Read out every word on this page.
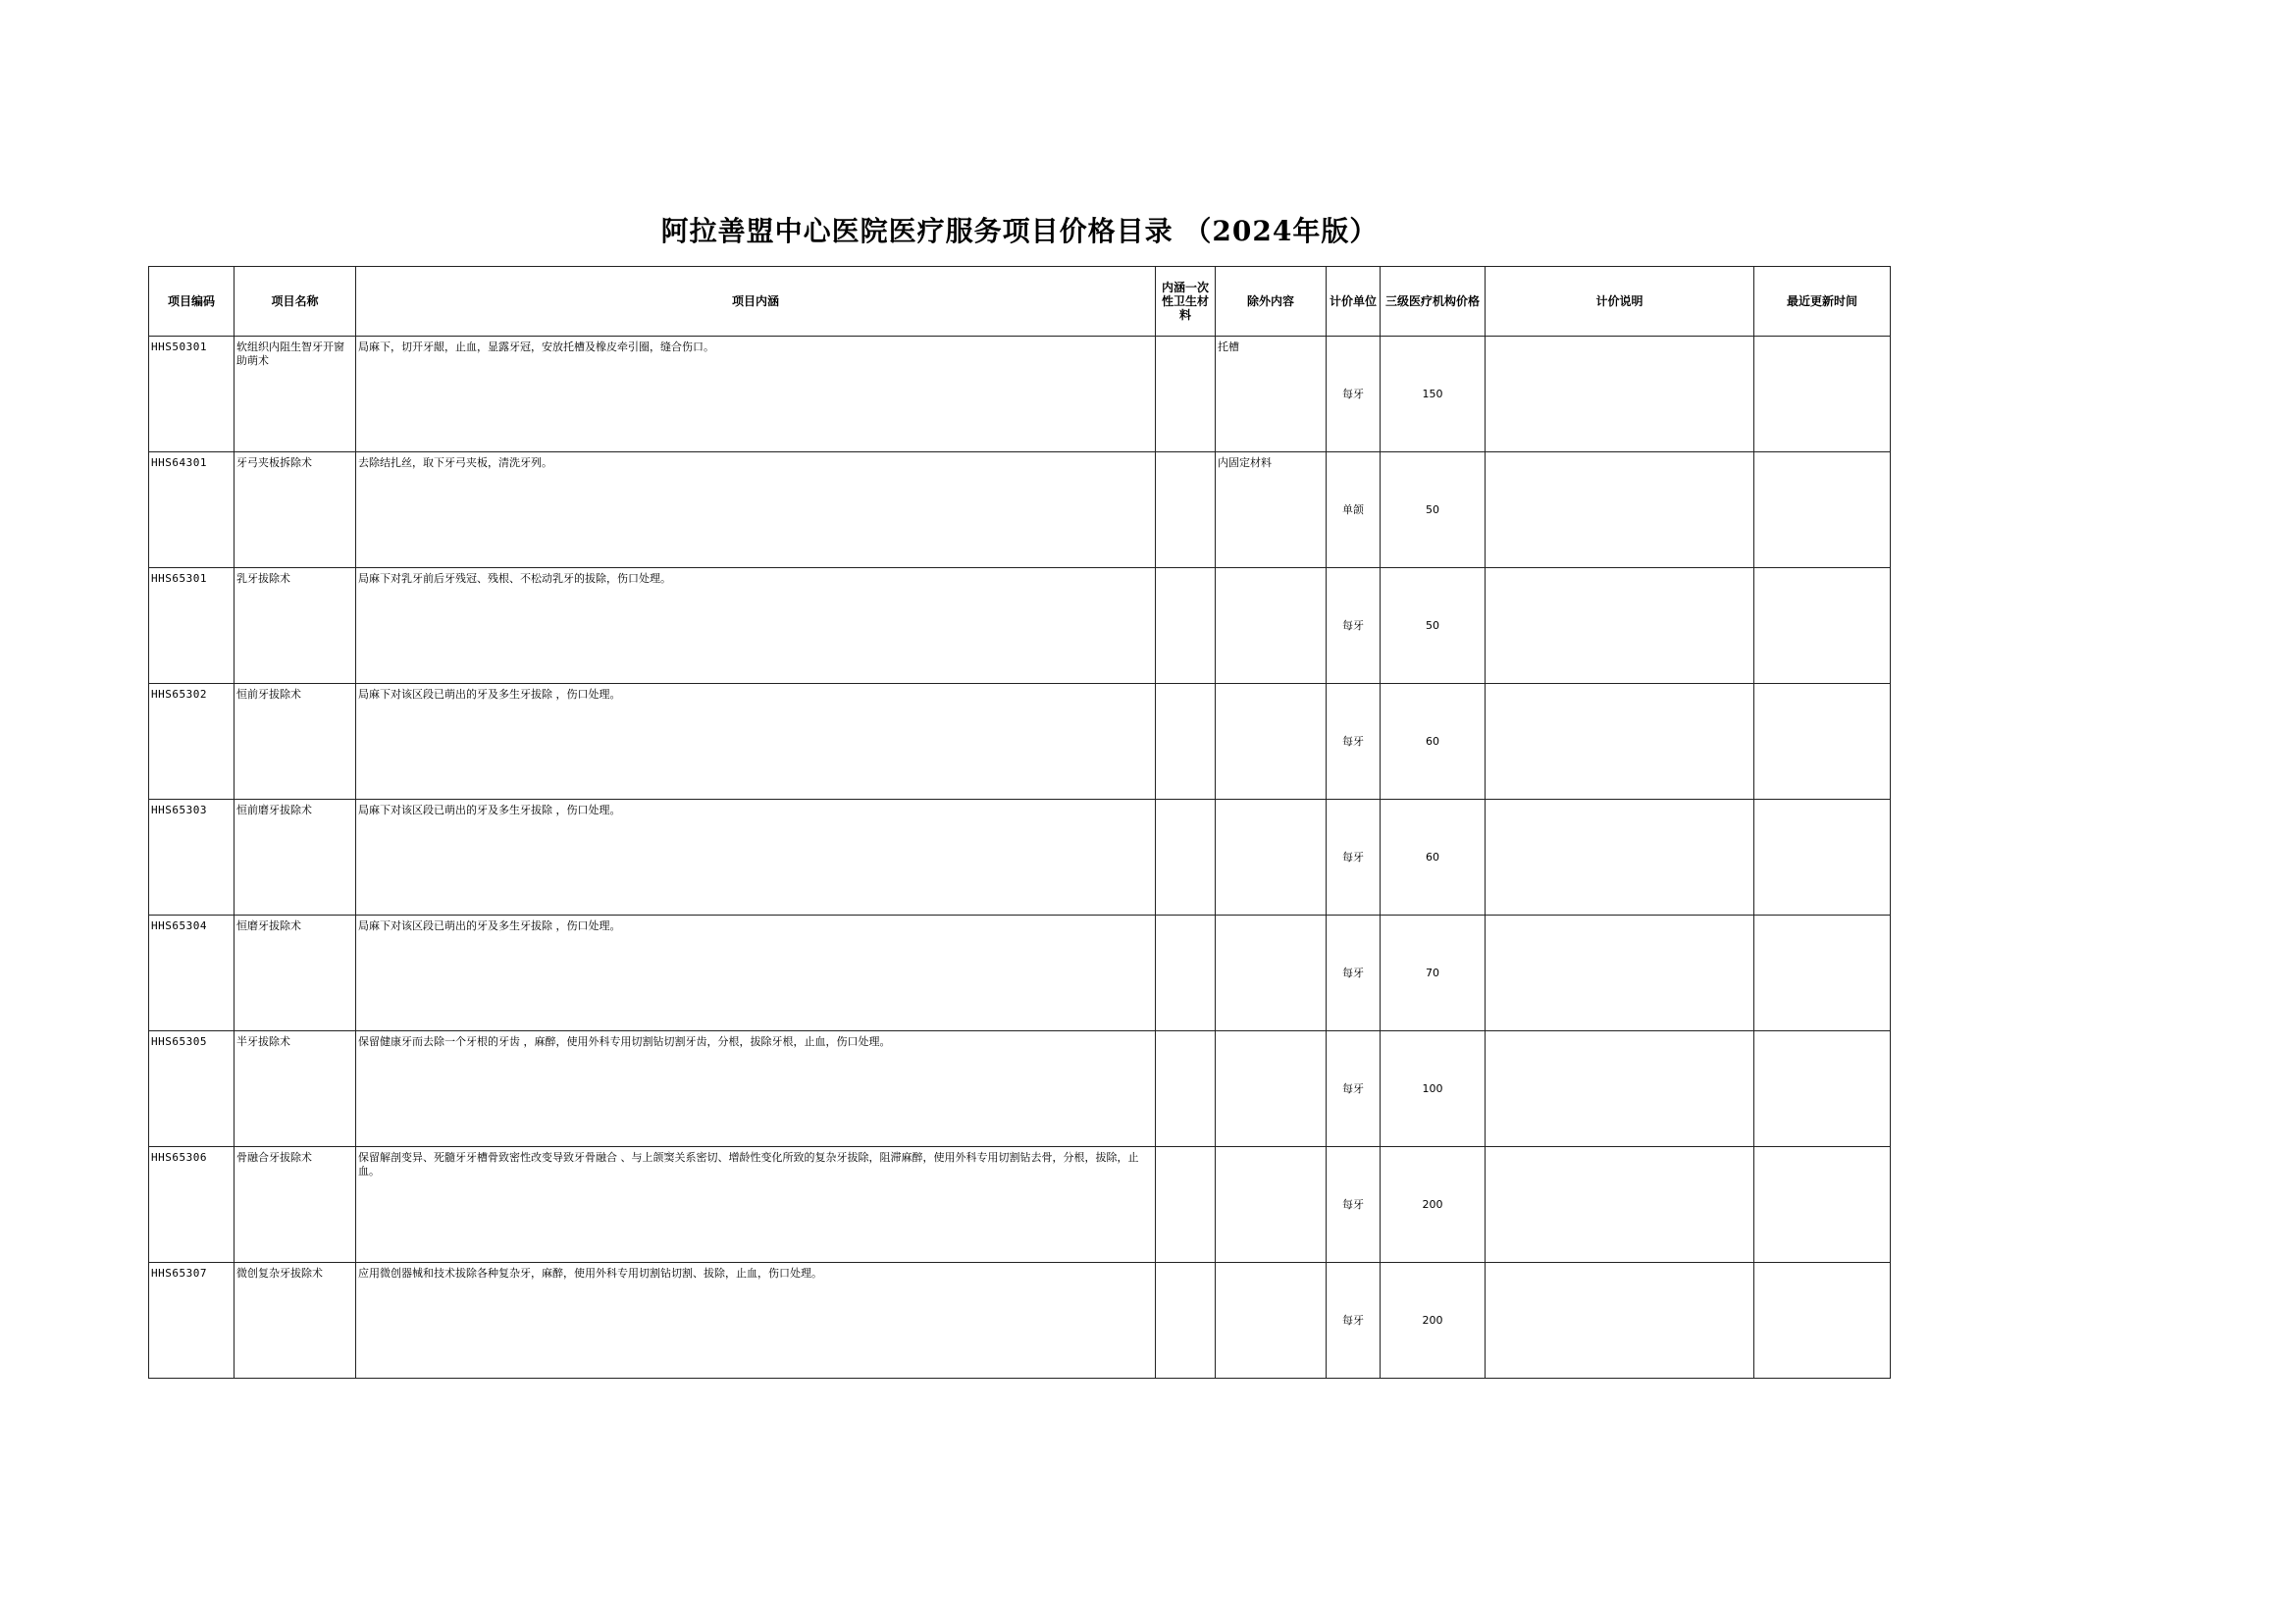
阿拉善盟中心医院医疗服务项目价格目录 （2024年版）
项目编码	项目名称	项目内涵	内涵一次性卫生材料	除外内容	计价单位	三级医疗机构价格	计价说明	最近更新时间
HHS50301	软组织内阻生智牙开窗助萌术	局麻下，切开牙龈，止血，显露牙冠，安放托槽及橡皮牵引圈，缝合伤口。		托槽	每牙	150		
HHS64301	牙弓夹板拆除术	去除结扎丝，取下牙弓夹板，清洗牙列。		内固定材料	单颌	50		
HHS65301	乳牙拔除术	局麻下对乳牙前后牙残冠、残根、不松动乳牙的拔除，伤口处理。			每牙	50		
HHS65302	恒前牙拔除术	局麻下对该区段已萌出的牙及多生牙拔除 ，伤口处理。			每牙	60		
HHS65303	恒前磨牙拔除术	局麻下对该区段已萌出的牙及多生牙拔除 ，伤口处理。			每牙	60		
HHS65304	恒磨牙拔除术	局麻下对该区段已萌出的牙及多生牙拔除 ，伤口处理。			每牙	70		
HHS65305	半牙拔除术	保留健康牙而去除一个牙根的牙齿 ，麻醉，使用外科专用切割钻切割牙齿，分根，拔除牙根，止血，伤口处理。			每牙	100		
HHS65306	骨融合牙拔除术	保留解剖变异、死髓牙牙槽骨致密性改变导致牙骨融合 、与上颌窦关系密切、增龄性变化所致的复杂牙拔除，阻滞麻醉，使用外科专用切割钻去骨，分根，拔除，止血。			每牙	200		
HHS65307	微创复杂牙拔除术	应用微创器械和技术拔除各种复杂牙，麻醉，使用外科专用切割钻切割、拔除，止血，伤口处理。			每牙	200		
